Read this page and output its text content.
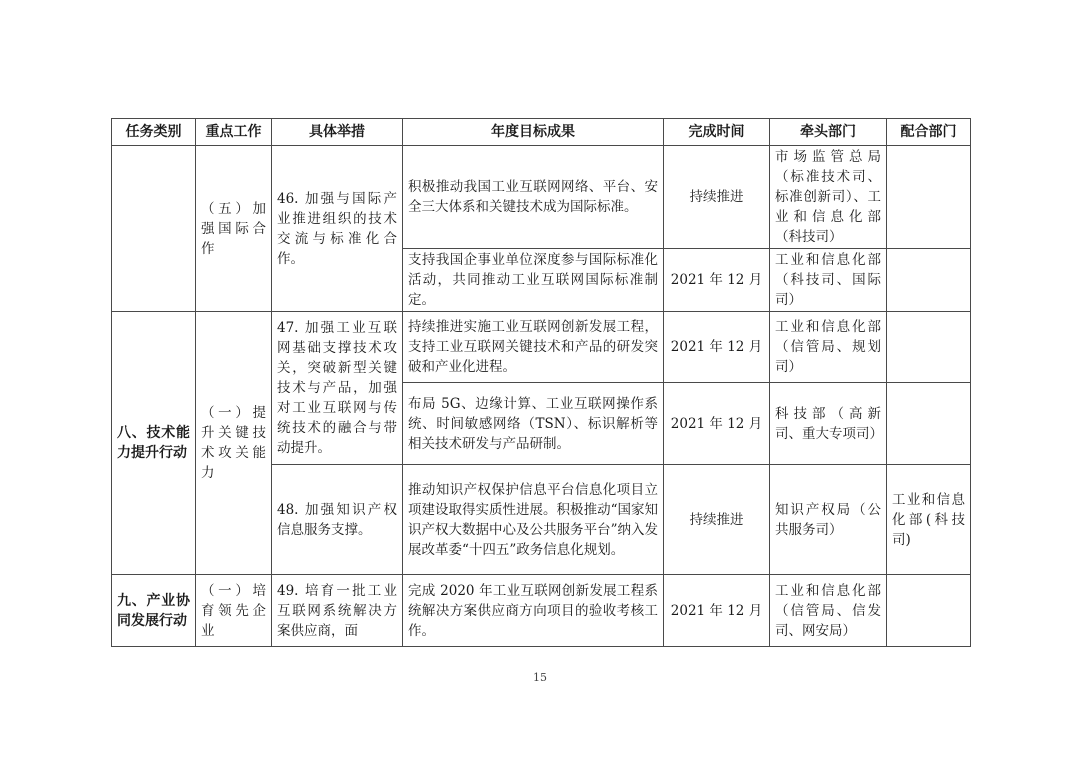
任务类别	重点工作	具体举措	年度目标成果	完成时间	牵头部门	配合部门
	（五）加强国际合作	46. 加强与国际产业推进组织的技术交流与标准化合作。	积极推动我国工业互联网网络、平台、安全三大体系和关键技术成为国际标准。	持续推进	市场监管总局（标准技术司、标准创新司）、工业和信息化部（科技司）	
			支持我国企事业单位深度参与国际标准化活动，共同推动工业互联网国际标准制定。	2021 年 12 月	工业和信息化部（科技司、国际司）	
八、技术能力提升行动	（一）提升关键技术攻关能力	47. 加强工业互联网基础支撑技术攻关，突破新型关键技术与产品，加强对工业互联网与传统技术的融合与带动提升。	持续推进实施工业互联网创新发展工程，支持工业互联网关键技术和产品的研发突破和产业化进程。	2021 年 12 月	工业和信息化部（信管局、规划司）	
			布局 5G、边缘计算、工业互联网操作系统、时间敏感网络（TSN）、标识解析等相关技术研发与产品研制。	2021 年 12 月	科技部（高新司、重大专项司）	
		48. 加强知识产权信息服务支撑。	推动知识产权保护信息平台信息化项目立项建设取得实质性进展。积极推动“国家知识产权大数据中心及公共服务平台”纳入发展改革委“十四五”政务信息化规划。	持续推进	知识产权局（公共服务司）	工业和信息化部(科技司)
九、产业协同发展行动	（一）培育领先企业	49. 培育一批工业互联网系统解决方案供应商，面	完成 2020 年工业互联网创新发展工程系统解决方案供应商方向项目的验收考核工作。	2021 年 12 月	工业和信息化部（信管局、信发司、网安局）	
15
